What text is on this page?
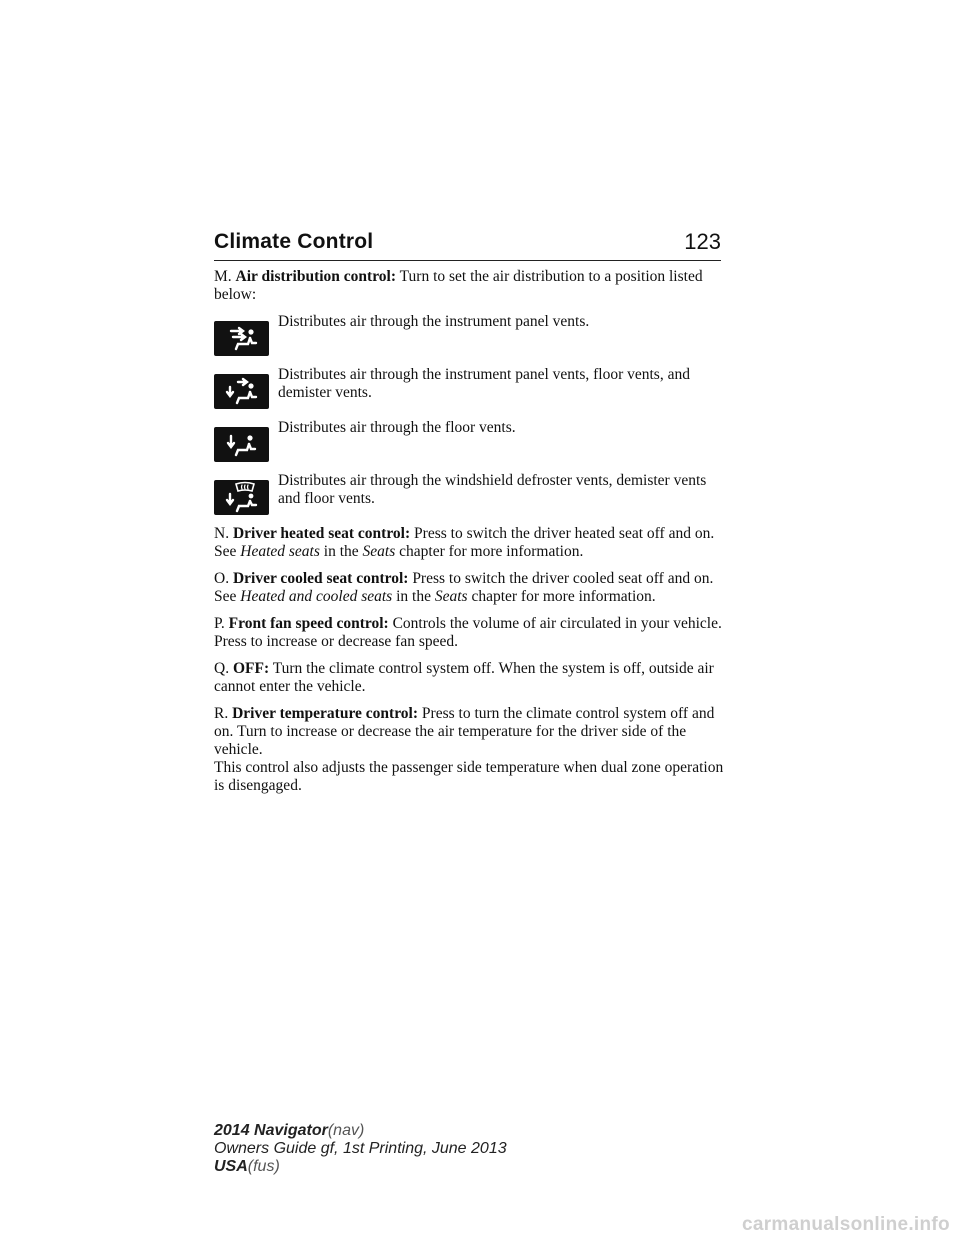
Climate Control	123

M. Air distribution control: Turn to set the air distribution to a position listed below:

Distributes air through the instrument panel vents.
Distributes air through the instrument panel vents, floor vents, and demister vents.
Distributes air through the floor vents.
Distributes air through the windshield defroster vents, demister vents and floor vents.

N. Driver heated seat control: Press to switch the driver heated seat off and on. See Heated seats in the Seats chapter for more information.

O. Driver cooled seat control: Press to switch the driver cooled seat off and on. See Heated and cooled seats in the Seats chapter for more information.

P. Front fan speed control: Controls the volume of air circulated in your vehicle. Press to increase or decrease fan speed.

Q. OFF: Turn the climate control system off. When the system is off, outside air cannot enter the vehicle.

R. Driver temperature control: Press to turn the climate control system off and on. Turn to increase or decrease the air temperature for the driver side of the vehicle.

This control also adjusts the passenger side temperature when dual zone operation is disengaged.

2014 Navigator(nav)
Owners Guide gf, 1st Printing, June 2013
USA(fus)
carmanualsonline.info
